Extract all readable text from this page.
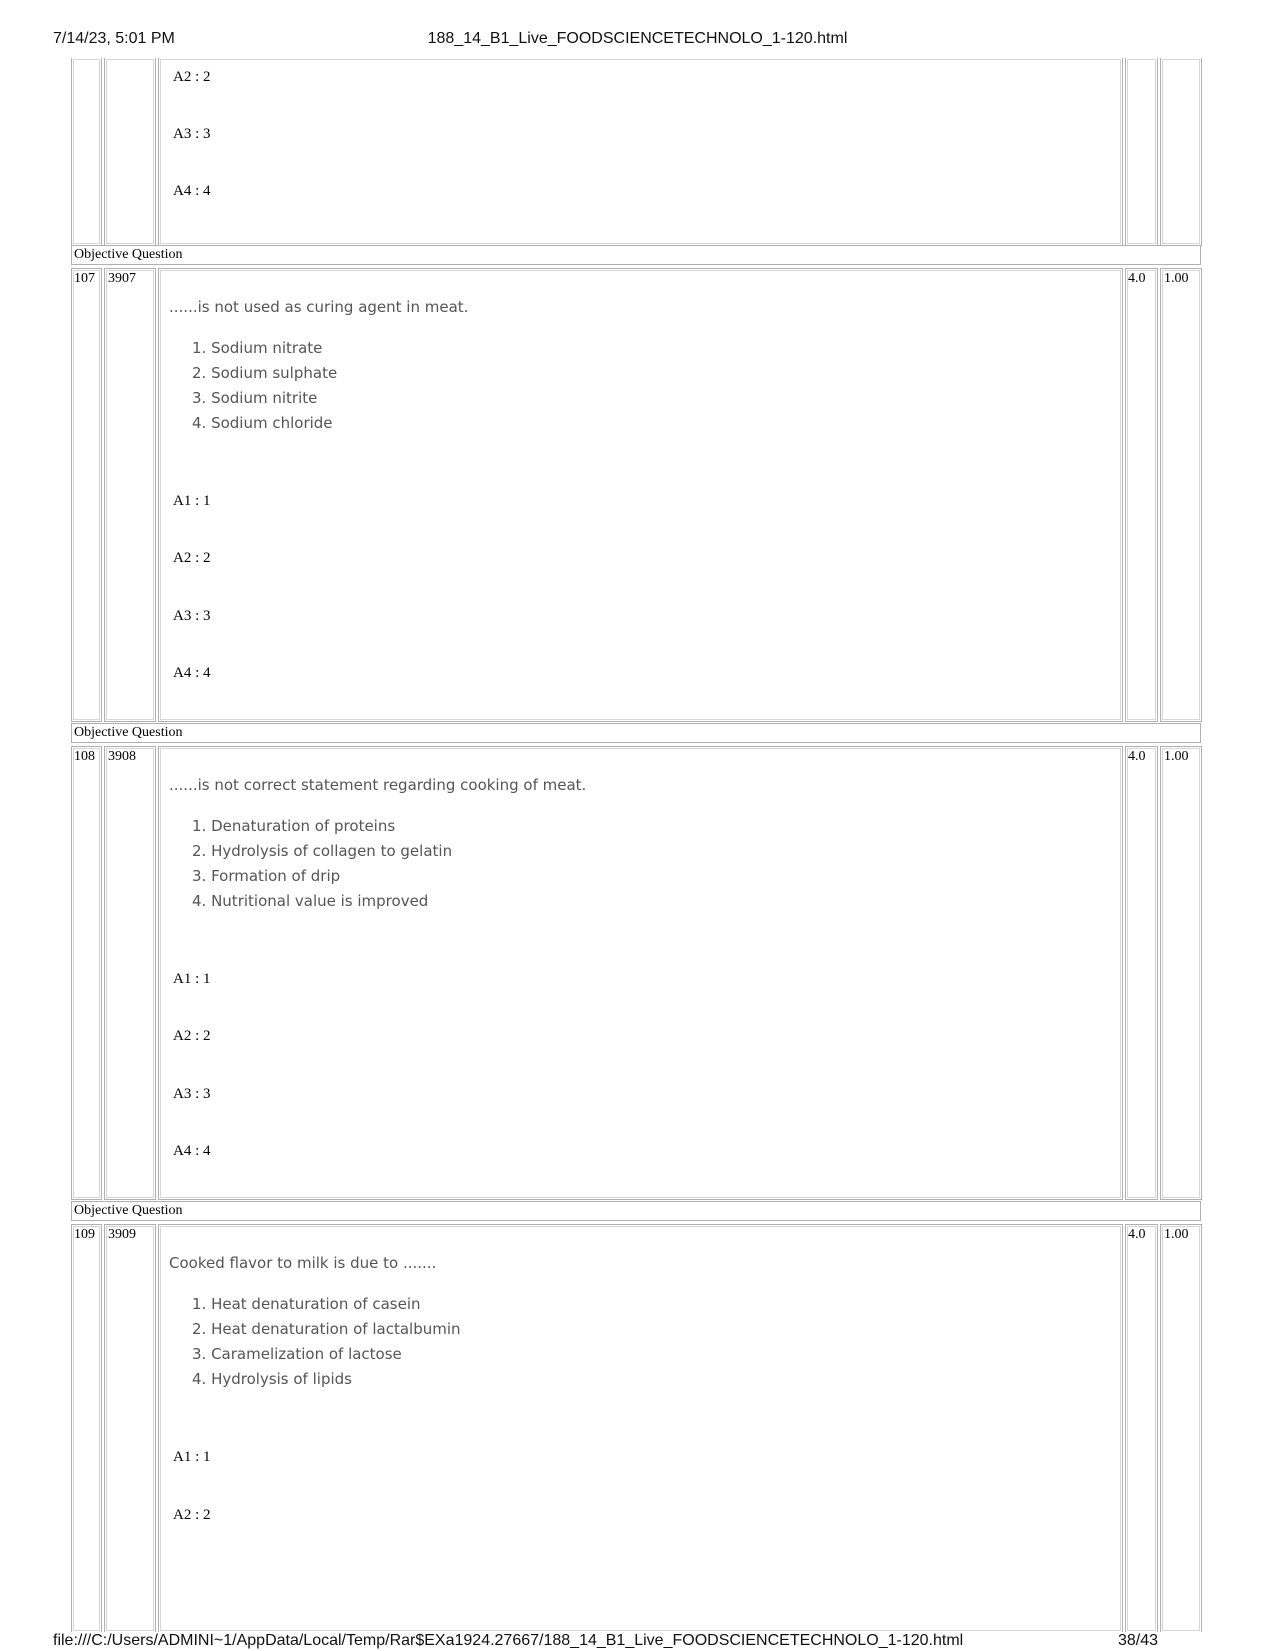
7/14/23, 5:01 PM	188_14_B1_Live_FOODSCIENCETECHNOLO_1-120.html
A2 : 2
A3 : 3
A4 : 4
Objective Question
107 3907	4.0 1.00
......is not used as curing agent in meat.
1. Sodium nitrate
2. Sodium sulphate
3. Sodium nitrite
4. Sodium chloride
A1 : 1
A2 : 2
A3 : 3
A4 : 4
Objective Question
108 3908	4.0 1.00
......is not correct statement regarding cooking of meat.
1. Denaturation of proteins
2. Hydrolysis of collagen to gelatin
3. Formation of drip
4. Nutritional value is improved
A1 : 1
A2 : 2
A3 : 3
A4 : 4
Objective Question
109 3909	4.0 1.00
Cooked flavor to milk is due to .......
1. Heat denaturation of casein
2. Heat denaturation of lactalbumin
3. Caramelization of lactose
4. Hydrolysis of lipids
A1 : 1
A2 : 2
file:///C:/Users/ADMINI~1/AppData/Local/Temp/Rar$EXa1924.27667/188_14_B1_Live_FOODSCIENCETECHNOLO_1-120.html	38/43
